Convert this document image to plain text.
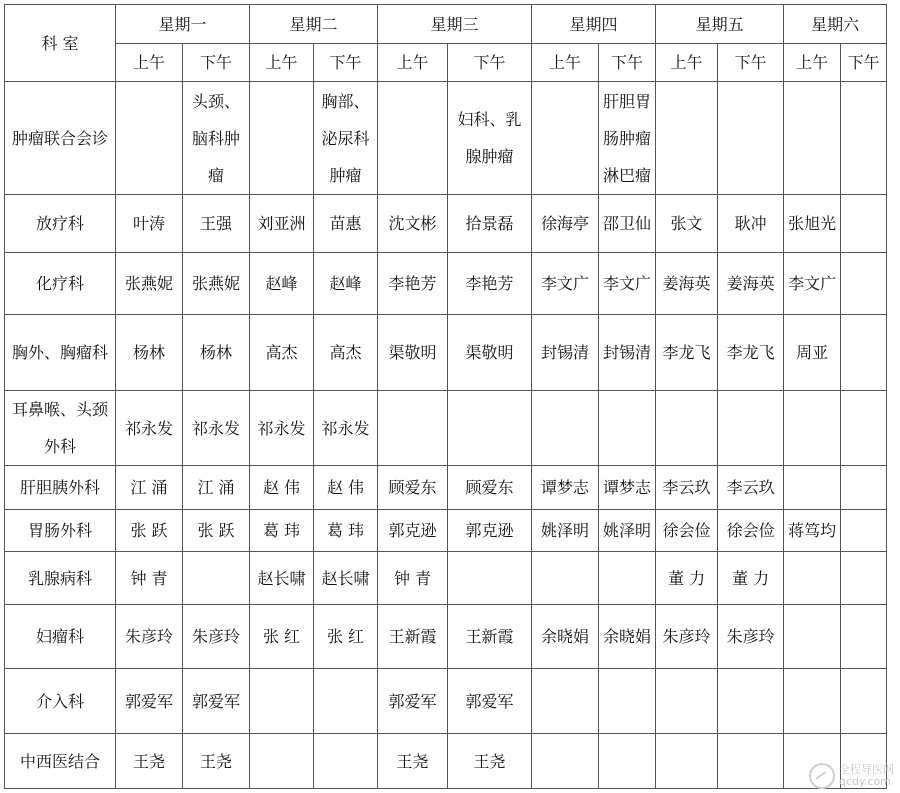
科 室	星期一		星期二		星期三		星期四		星期五		星期六	
	上午	下午	上午	下午	上午	下午	上午	下午	上午	下午	上午	下午
肿瘤联合会诊		头颈、脑科肿瘤		胸部、泌尿科肿瘤		妇科、乳腺肿瘤		肝胆胃肠肿瘤淋巴瘤				
放疗科	叶涛	王强	刘亚洲	苗惠	沈文彬	拾景磊	徐海亭	邵卫仙	张文	耿冲	张旭光	
化疗科	张燕妮	张燕妮	赵峰	赵峰	李艳芳	李艳芳	李文广	李文广	姜海英	姜海英	李文广	
胸外、胸瘤科	杨林	杨林	高杰	高杰	渠敬明	渠敬明	封锡清	封锡清	李龙飞	李龙飞	周亚	
耳鼻喉、头颈外科	祁永发	祁永发	祁永发	祁永发								
肝胆胰外科	江 涌	江 涌	赵 伟	赵 伟	顾爱东	顾爱东	谭梦志	谭梦志	李云玖	李云玖		
胃肠外科	张 跃	张 跃	葛 玮	葛 玮	郭克逊	郭克逊	姚泽明	姚泽明	徐会俭	徐会俭	蒋笃均	
乳腺病科	钟 青		赵长啸	赵长啸	钟 青				董 力	董 力		
妇瘤科	朱彦玲	朱彦玲	张 红	张 红	王新霞	王新霞	余晓娟	余晓娟	朱彦玲	朱彦玲		
介入科	郭爱军	郭爱军			郭爱军	郭爱军						
中西医结合	王尧	王尧			王尧	王尧							全程导医网
qcdy.com
